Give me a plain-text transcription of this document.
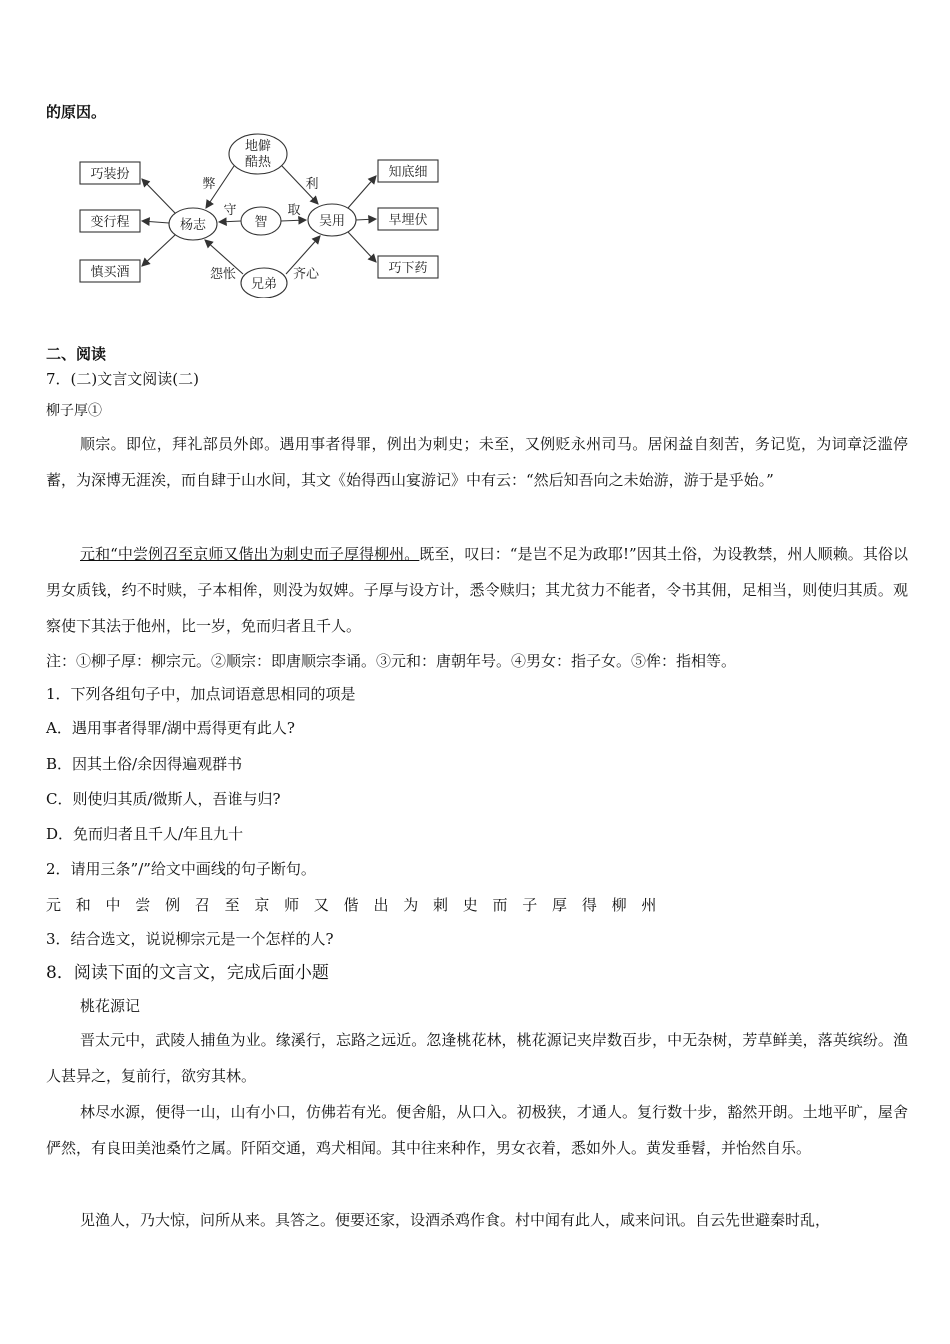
的原因。
巧装扮
变行程
慎买酒
知底细
早埋伏
巧下药
地僻
酷热
杨志	智	吴用
兄弟
弊	利
守	取
怨怅	齐心
二、阅读
7．(二)文言文阅读(二)
柳子厚①
顺宗。即位，拜礼部员外郎。遇用事者得罪，例出为刺史；未至，又例贬永州司马。居闲益自刻苦，务记览，为词章泛滥停蓄，为深博无涯涘，而自肆于山水间，其文《始得西山宴游记》中有云：“然后知吾向之未始游，游于是乎始。”
元和“中尝例召至京师又偕出为刺史而子厚得柳州。既至，叹曰：“是岂不足为政耶!”因其土俗，为设教禁，州人顺赖。其俗以男女质钱，约不时赎，子本相侔，则没为奴婢。子厚与设方计，悉令赎归；其尤贫力不能者，令书其佣，足相当，则使归其质。观察使下其法于他州，比一岁，免而归者且千人。
注：①柳子厚：柳宗元。②顺宗：即唐顺宗李诵。③元和：唐朝年号。④男女：指子女。⑤侔：指相等。
1．下列各组句子中，加点词语意思相同的项是
A．遇用事者得罪/湖中焉得更有此人?
B．因其土俗/余因得遍观群书
C．则使归其质/微斯人，吾谁与归?
D．免而归者且千人/年且九十
2．请用三条”/”给文中画线的句子断句。
元 和 中 尝 例 召 至 京 师 又 偕 出 为 刺 史 而 子 厚 得 柳 州
3．结合选文，说说柳宗元是一个怎样的人?
8．阅读下面的文言文，完成后面小题
桃花源记
晋太元中，武陵人捕鱼为业。缘溪行，忘路之远近。忽逢桃花林，桃花源记夹岸数百步，中无杂树，芳草鲜美，落英缤纷。渔人甚异之，复前行，欲穷其林。
林尽水源，便得一山，山有小口，仿佛若有光。便舍船，从口入。初极狭，才通人。复行数十步，豁然开朗。土地平旷，屋舍俨然，有良田美池桑竹之属。阡陌交通，鸡犬相闻。其中往来种作，男女衣着，悉如外人。黄发垂髫，并怡然自乐。
见渔人，乃大惊，问所从来。具答之。便要还家，设酒杀鸡作食。村中闻有此人，咸来问讯。自云先世避秦时乱，
